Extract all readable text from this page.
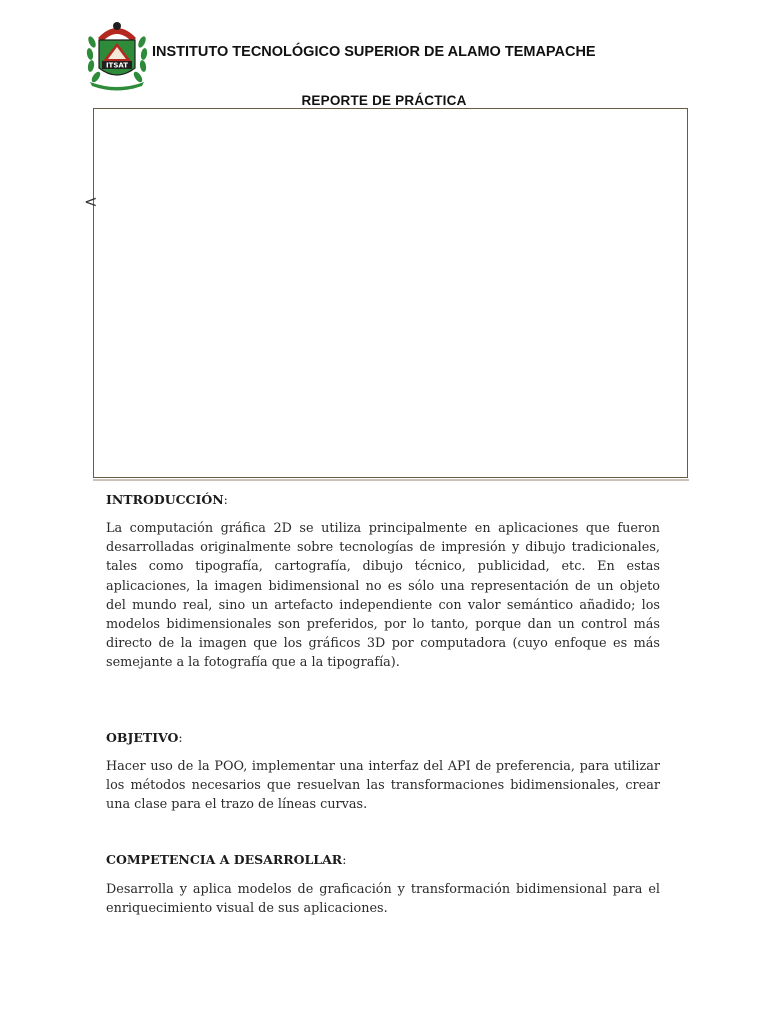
ITSAT
INSTITUTO TECNOLÓGICO SUPERIOR DE ALAMO TEMAPACHE
REPORTE DE PRÁCTICA
<
INTRODUCCIÓN:

La computación gráfica 2D se utiliza principalmente en aplicaciones que fueron desarrolladas originalmente sobre tecnologías de impresión y dibujo tradicionales, tales como tipografía, cartografía, dibujo técnico, publicidad, etc. En estas aplicaciones, la imagen bidimensional no es sólo una representación de un objeto del mundo real, sino un artefacto independiente con valor semántico añadido; los modelos bidimensionales son preferidos, por lo tanto, porque dan un control más directo de la imagen que los gráficos 3D por computadora (cuyo enfoque es más semejante a la fotografía que a la tipografía).

OBJETIVO:

Hacer uso de la POO, implementar una interfaz del API de preferencia, para utilizar los métodos necesarios que resuelvan las transformaciones bidimensionales, crear una clase para el trazo de líneas curvas.

COMPETENCIA A DESARROLLAR:

Desarrolla y aplica modelos de graficación y transformación bidimensional para el enriquecimiento visual de sus aplicaciones.
